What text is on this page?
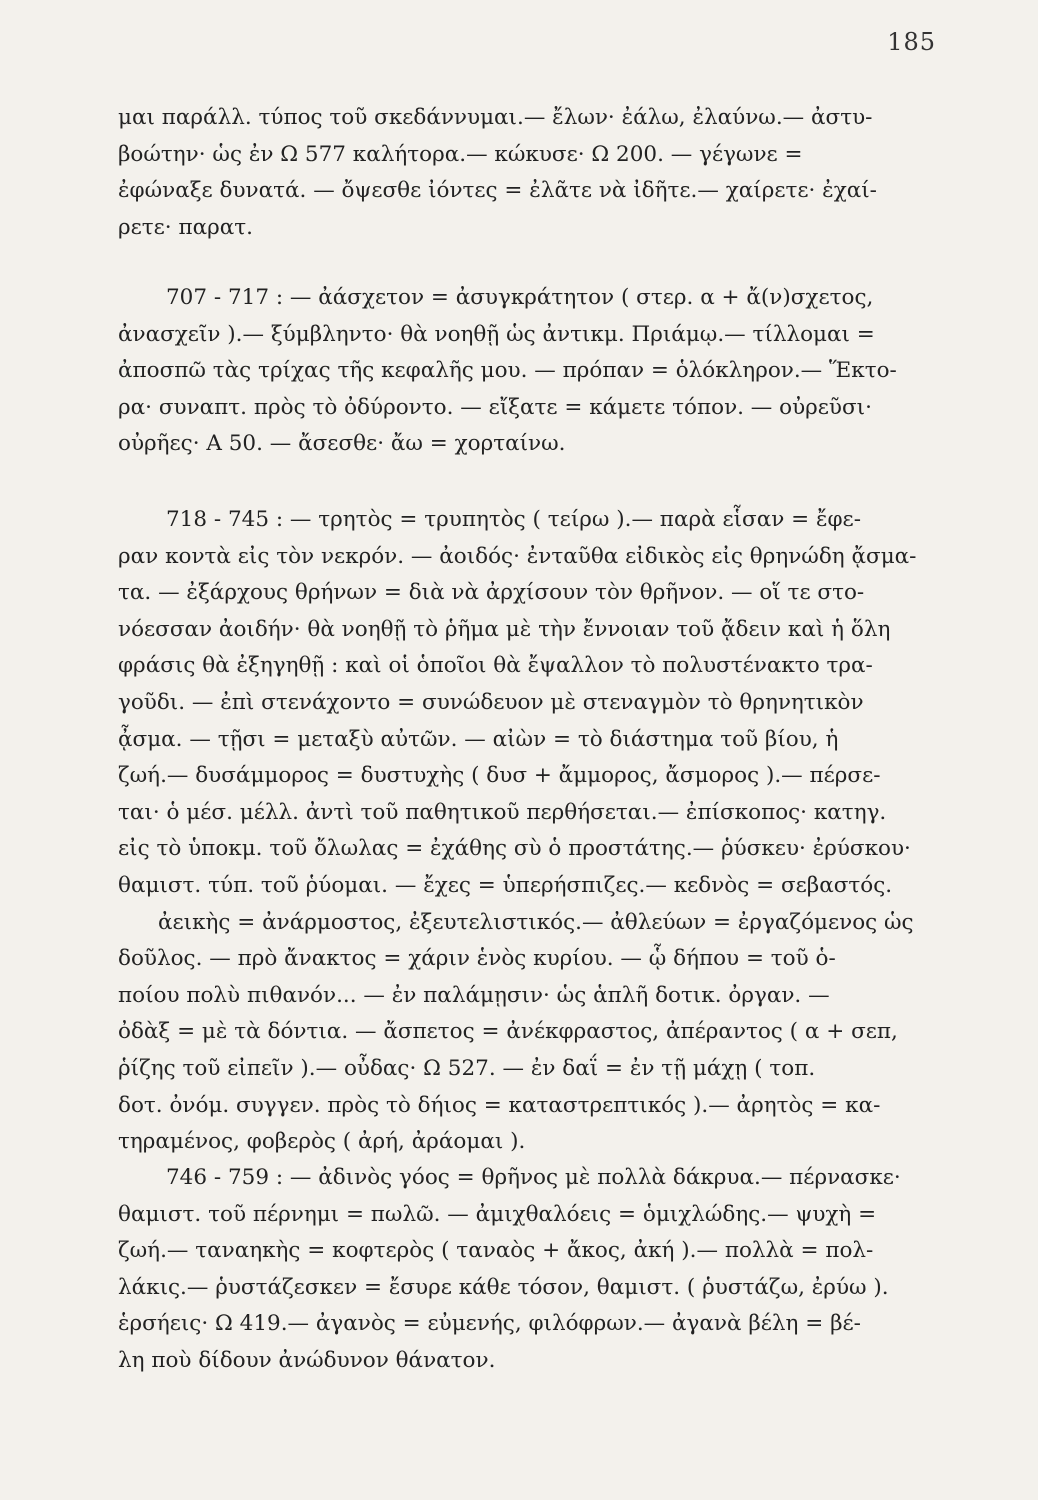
185
μαι παράλλ. τύπος τοῦ σκεδάννυμαι.— ἔλων· ἐάλω, ἐλαύνω.— ἀστυ-
βοώτην· ὡς ἐν Ω 577 καλήτορα.— κώκυσε· Ω 200. — γέγωνε =
ἐφώναξε δυνατά. — ὄψεσθε ἰόντες = ἐλᾶτε νὰ ἰδῆτε.— χαίρετε· ἐχαί-
ρετε· παρατ.
707 - 717 : — ἀάσχετον = ἀσυγκράτητον ( στερ. α + ἄ(ν)σχετος,
ἀνασχεῖν ).— ξύμβληντο· θὰ νοηθῇ ὡς ἀντικμ. Πριάμῳ.— τίλλομαι =
ἀποσπῶ τὰς τρίχας τῆς κεφαλῆς μου. — πρόπαν = ὁλόκληρον.— Ἕκτο-
ρα· συναπτ. πρὸς τὸ ὀδύροντο. — εἴξατε = κάμετε τόπον. — οὐρεῦσι·
οὐρῆες· Α 50. — ἄσεσθε· ἄω = χορταίνω.
718 - 745 : — τρητὸς = τρυπητὸς ( τείρω ).— παρὰ εἷσαν = ἔφε-
ραν κοντὰ εἰς τὸν νεκρόν. — ἀοιδός· ἐνταῦθα εἰδικὸς εἰς θρηνώδη ᾄσμα-
τα. — ἐξάρχους θρήνων = διὰ νὰ ἀρχίσουν τὸν θρῆνον. — οἵ τε στο-
νόεσσαν ἀοιδήν· θὰ νοηθῇ τὸ ῥῆμα μὲ τὴν ἔννοιαν τοῦ ᾄδειν καὶ ἡ ὅλη
φράσις θὰ ἐξηγηθῇ : καὶ οἱ ὁποῖοι θὰ ἔψαλλον τὸ πολυστένακτο τρα-
γοῦδι. — ἐπὶ στενάχοντο = συνώδευον μὲ στεναγμὸν τὸ θρηνητικὸν
ᾆσμα. — τῇσι = μεταξὺ αὐτῶν. — αἰὼν = τὸ διάστημα τοῦ βίου, ἡ
ζωή.— δυσάμμορος = δυστυχὴς ( δυσ + ἄμμορος, ἄσμορος ).— πέρσε-
ται· ὁ μέσ. μέλλ. ἀντὶ τοῦ παθητικοῦ περθήσεται.— ἐπίσκοπος· κατηγ.
εἰς τὸ ὑποκμ. τοῦ ὄλωλας = ἐχάθης σὺ ὁ προστάτης.— ῥύσκευ· ἐρύσκου·
θαμιστ. τύπ. τοῦ ῥύομαι. — ἔχες = ὑπερήσπιζες.— κεδνὸς = σεβαστός.
ἀεικὴς = ἀνάρμοστος, ἐξευτελιστικός.— ἀθλεύων = ἐργαζόμενος ὡς
δοῦλος. — πρὸ ἄνακτος = χάριν ἑνὸς κυρίου. — ᾧ δήπου = τοῦ ὁ-
ποίου πολὺ πιθανόν... — ἐν παλάμῃσιν· ὡς ἁπλῆ δοτικ. ὀργαν. —
ὀδὰξ = μὲ τὰ δόντια. — ἄσπετος = ἀνέκφραστος, ἀπέραντος ( α + σεπ,
ῥίζης τοῦ εἰπεῖν ).— οὖδας· Ω 527. — ἐν δαΐ = ἐν τῇ μάχῃ ( τοπ.
δοτ. ὀνόμ. συγγεν. πρὸς τὸ δήιος = καταστρεπτικός ).— ἀρητὸς = κα-
τηραμένος, φοβερὸς ( ἀρή, ἀράομαι ).
746 - 759 : — ἀδινὸς γόος = θρῆνος μὲ πολλὰ δάκρυα.— πέρνασκε·
θαμιστ. τοῦ πέρνημι = πωλῶ. — ἀμιχθαλόεις = ὁμιχλώδης.— ψυχὴ =
ζωή.— ταναηκὴς = κοφτερὸς ( ταναὸς + ἄκος, ἀκή ).— πολλὰ = πολ-
λάκις.— ῥυστάζεσκεν = ἔσυρε κάθε τόσον, θαμιστ. ( ῥυστάζω, ἐρύω ).
ἑρσήεις· Ω 419.— ἀγανὸς = εὐμενής, φιλόφρων.— ἀγανὰ βέλη = βέ-
λη ποὺ δίδουν ἀνώδυνον θάνατον.
